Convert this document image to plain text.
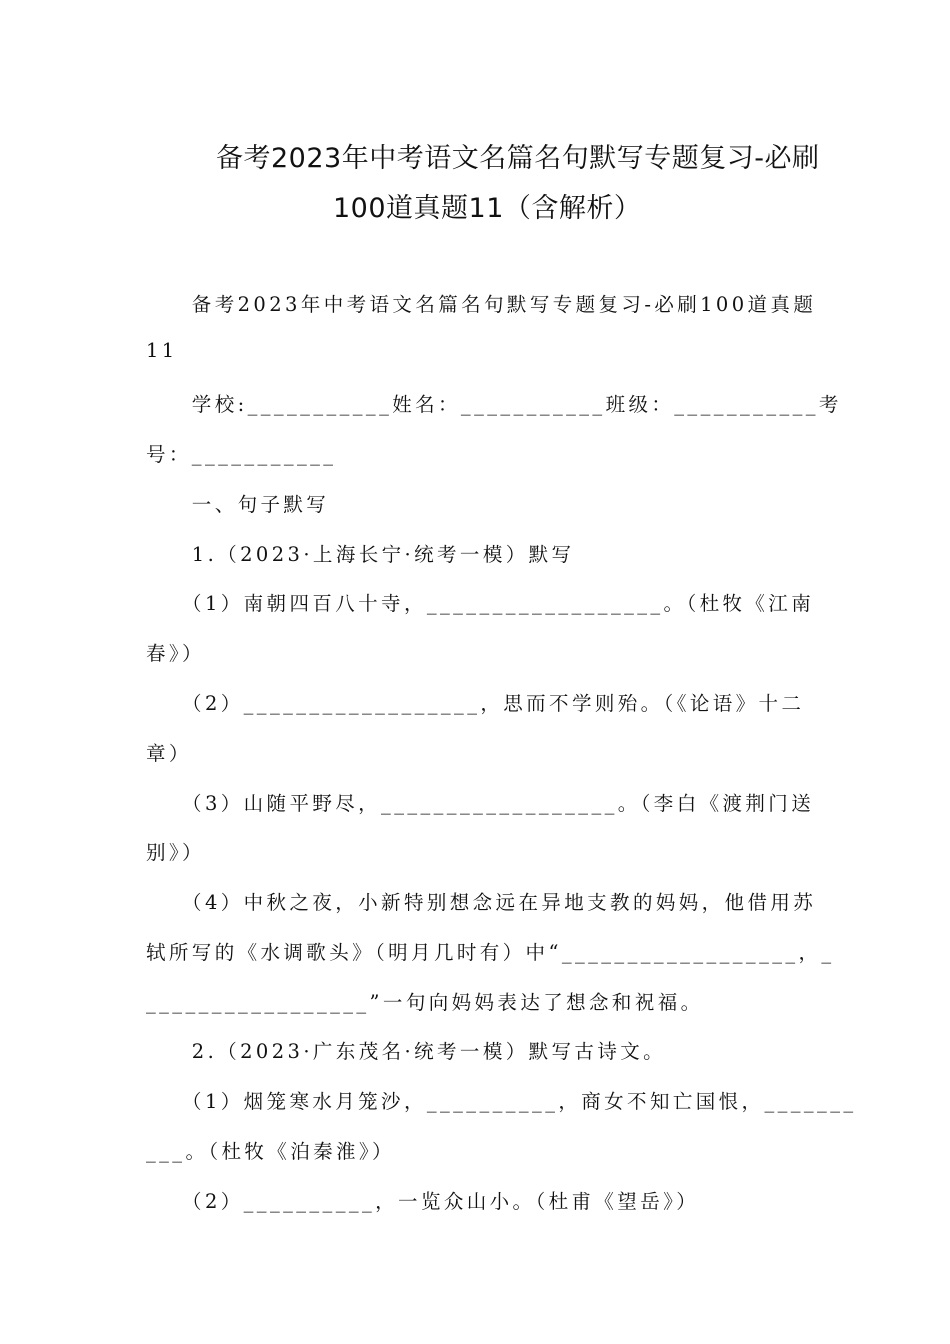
备考2023年中考语文名篇名句默写专题复习-必刷
100道真题11（含解析）
　　备考2023年中考语文名篇名句默写专题复习-必刷100道真题
11
　　学校:___________姓名：___________班级：___________考
号：___________
　　一、句子默写
　　1.（2023·上海长宁·统考一模）默写
　　（1）南朝四百八十寺，__________________。（杜牧《江南
春》）
　　（2）__________________，思而不学则殆。（《论语》十二
章）
　　（3）山随平野尽，__________________。（李白《渡荆门送
别》）
　　（4）中秋之夜，小新特别想念远在异地支教的妈妈，他借用苏
轼所写的《水调歌头》（明月几时有）中“__________________，_
_________________”一句向妈妈表达了想念和祝福。
　　2.（2023·广东茂名·统考一模）默写古诗文。
　　（1）烟笼寒水月笼沙，__________，商女不知亡国恨，_______
___。（杜牧《泊秦淮》）
　　（2）__________，一览众山小。（杜甫《望岳》）
